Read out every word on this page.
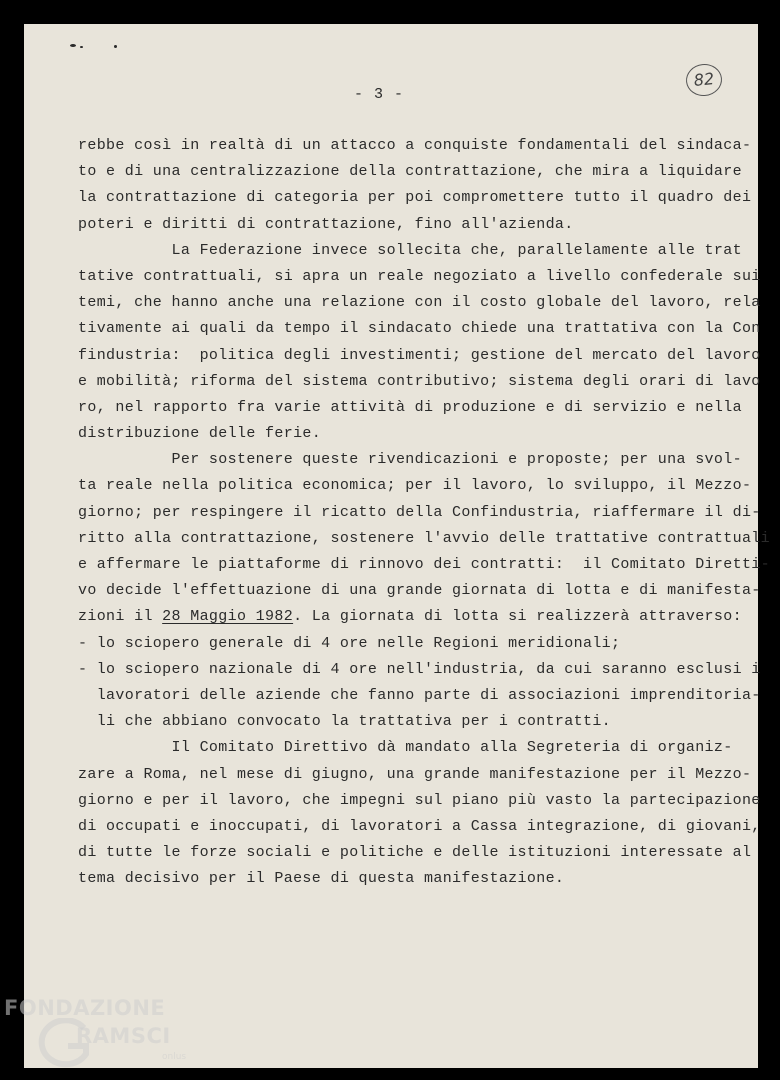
- 3 -
82
rebbe così in realtà di un attacco a conquiste fondamentali del sindaca-
to e di una centralizzazione della contrattazione, che mira a liquidare
la contrattazione di categoria per poi compromettere tutto il quadro dei
poteri e diritti di contrattazione, fino all'azienda.
La Federazione invece sollecita che, parallelamente alle trat
tative contrattuali, si apra un reale negoziato a livello confederale sui
temi, che hanno anche una relazione con il costo globale del lavoro, rela
tivamente ai quali da tempo il sindacato chiede una trattativa con la Con
findustria:  politica degli investimenti; gestione del mercato del lavoro
e mobilità; riforma del sistema contributivo; sistema degli orari di lavo
ro, nel rapporto fra varie attività di produzione e di servizio e nella
distribuzione delle ferie.
Per sostenere queste rivendicazioni e proposte; per una svol-
ta reale nella politica economica; per il lavoro, lo sviluppo, il Mezzo-
giorno; per respingere il ricatto della Confindustria, riaffermare il di-
ritto alla contrattazione, sostenere l'avvio delle trattative contrattuali
e affermare le piattaforme di rinnovo dei contratti:  il Comitato Diretti-
vo decide l'effettuazione di una grande giornata di lotta e di manifesta-
zioni il 28 Maggio 1982. La giornata di lotta si realizzerà attraverso:
- lo sciopero generale di 4 ore nelle Regioni meridionali;
- lo sciopero nazionale di 4 ore nell'industria, da cui saranno esclusi i
lavoratori delle aziende che fanno parte di associazioni imprenditoria-
li che abbiano convocato la trattativa per i contratti.
Il Comitato Direttivo dà mandato alla Segreteria di organiz-
zare a Roma, nel mese di giugno, una grande manifestazione per il Mezzo-
giorno e per il lavoro, che impegni sul piano più vasto la partecipazione
di occupati e inoccupati, di lavoratori a Cassa integrazione, di giovani,
di tutte le forze sociali e politiche e delle istituzioni interessate al
tema decisivo per il Paese di questa manifestazione.
FONDAZIONE
RAMSCI
onlus
